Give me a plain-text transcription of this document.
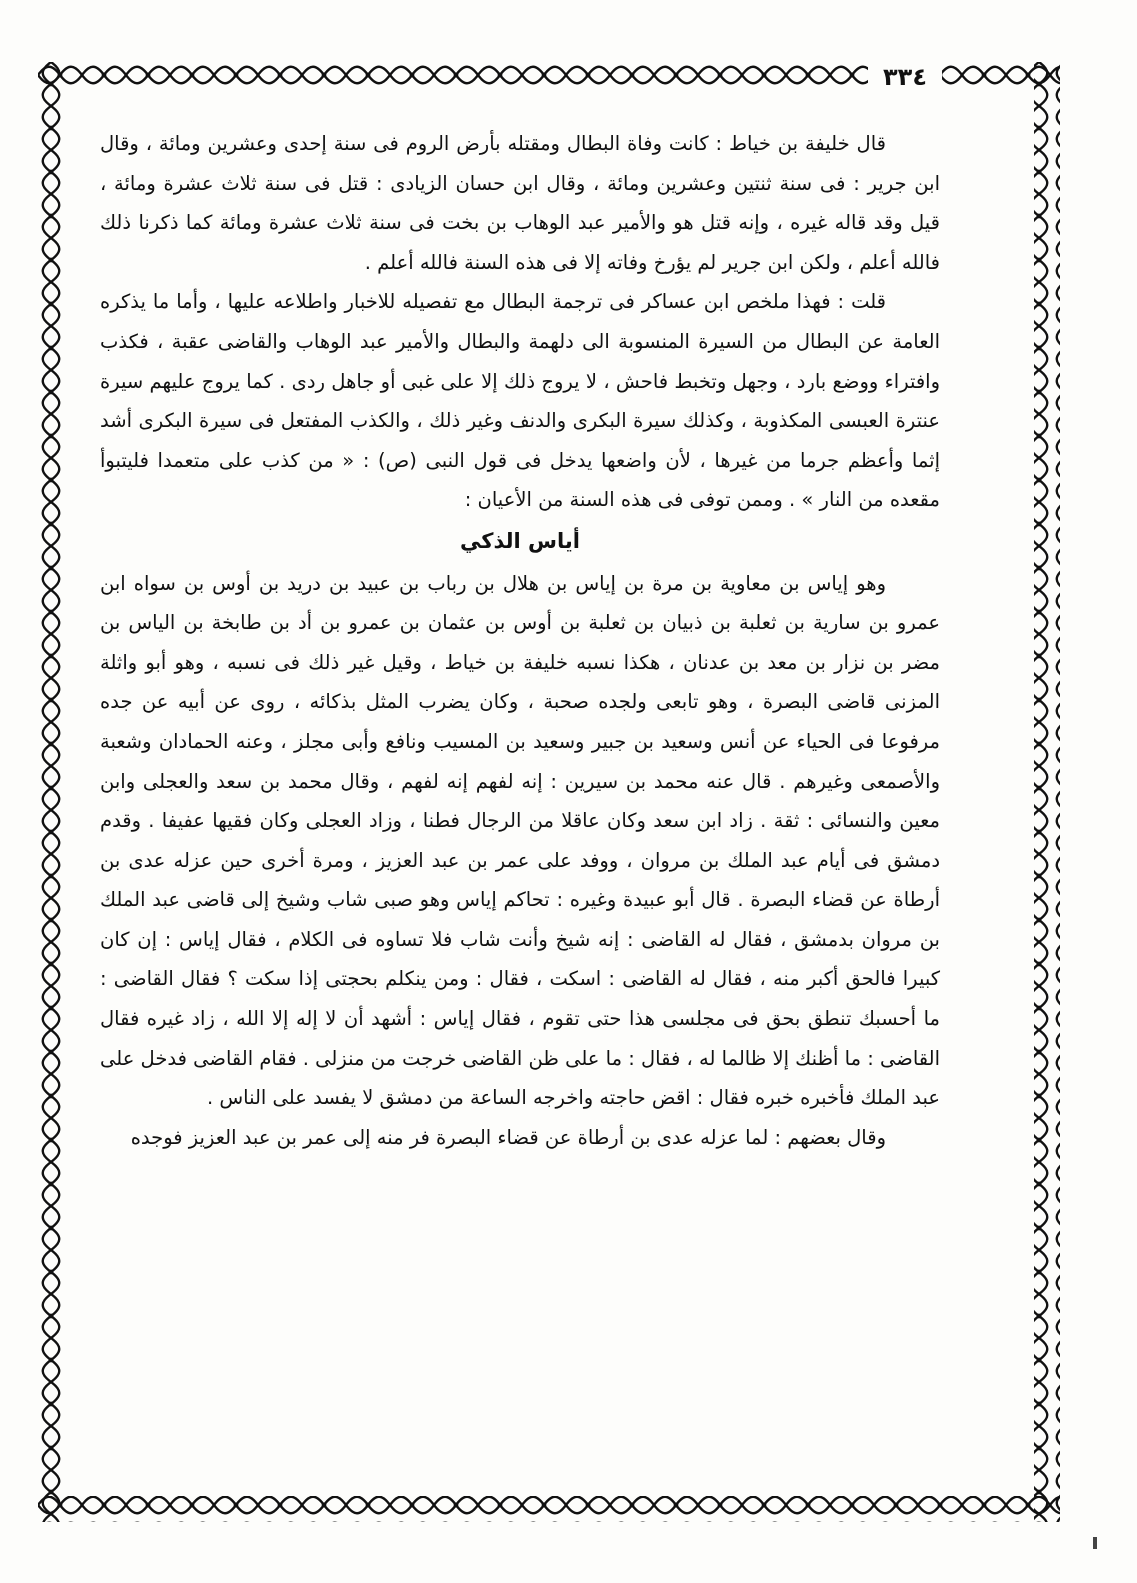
٣٣٤

قال خليفة بن خياط : كانت وفاة البطال ومقتله بأرض الروم فى سنة إحدى وعشرين ومائة ، وقال ابن جرير : فى سنة ثنتين وعشرين ومائة ، وقال ابن حسان الزيادى : قتل فى سنة ثلاث عشرة ومائة ، قيل وقد قاله غيره ، وإنه قتل هو والأمير عبد الوهاب بن بخت فى سنة ثلاث عشرة ومائة كما ذكرنا ذلك فالله أعلم ، ولكن ابن جرير لم يؤرخ وفاته إلا فى هذه السنة فالله أعلم .

قلت : فهذا ملخص ابن عساكر فى ترجمة البطال مع تفصيله للاخبار واطلاعه عليها ، وأما ما يذكره العامة عن البطال من السيرة المنسوبة الى دلهمة والبطال والأمير عبد الوهاب والقاضى عقبة ، فكذب وافتراء ووضع بارد ، وجهل وتخبط فاحش ، لا يروج ذلك إلا على غبى أو جاهل ردى . كما يروج عليهم سيرة عنترة العبسى المكذوبة ، وكذلك سيرة البكرى والدنف وغير ذلك ، والكذب المفتعل فى سيرة البكرى أشد إثما وأعظم جرما من غيرها ، لأن واضعها يدخل فى قول النبى (ص) : « من كذب على متعمدا فليتبوأ مقعده من النار » . وممن توفى فى هذه السنة من الأعيان :

أياس الذكي

وهو إياس بن معاوية بن مرة بن إياس بن هلال بن رباب بن عبيد بن دريد بن أوس بن سواه ابن عمرو بن سارية بن ثعلبة بن ذبيان بن ثعلبة بن أوس بن عثمان بن عمرو بن أد بن طابخة بن الياس بن مضر بن نزار بن معد بن عدنان ، هكذا نسبه خليفة بن خياط ، وقيل غير ذلك فى نسبه ، وهو أبو واثلة المزنى قاضى البصرة ، وهو تابعى ولجده صحبة ، وكان يضرب المثل بذكائه ، روى عن أبيه عن جده مرفوعا فى الحياء عن أنس وسعيد بن جبير وسعيد بن المسيب ونافع وأبى مجلز ، وعنه الحمادان وشعبة والأصمعى وغيرهم . قال عنه محمد بن سيرين : إنه لفهم إنه لفهم ، وقال محمد بن سعد والعجلى وابن معين والنسائى : ثقة . زاد ابن سعد وكان عاقلا من الرجال فطنا ، وزاد العجلى وكان فقيها عفيفا . وقدم دمشق فى أيام عبد الملك بن مروان ، ووفد على عمر بن عبد العزيز ، ومرة أخرى حين عزله عدى بن أرطاة عن قضاء البصرة . قال أبو عبيدة وغيره : تحاكم إياس وهو صبى شاب وشيخ إلى قاضى عبد الملك بن مروان بدمشق ، فقال له القاضى : إنه شيخ وأنت شاب فلا تساوه فى الكلام ، فقال إياس : إن كان كبيرا فالحق أكبر منه ، فقال له القاضى : اسكت ، فقال : ومن ينكلم بحجتى إذا سكت ؟ فقال القاضى : ما أحسبك تنطق بحق فى مجلسى هذا حتى تقوم ، فقال إياس : أشهد أن لا إله إلا الله ، زاد غيره فقال القاضى : ما أظنك إلا ظالما له ، فقال : ما على ظن القاضى خرجت من منزلى . فقام القاضى فدخل على عبد الملك فأخبره خبره فقال : اقض حاجته واخرجه الساعة من دمشق لا يفسد على الناس .

وقال بعضهم : لما عزله عدى بن أرطاة عن قضاء البصرة فر منه إلى عمر بن عبد العزيز فوجده
